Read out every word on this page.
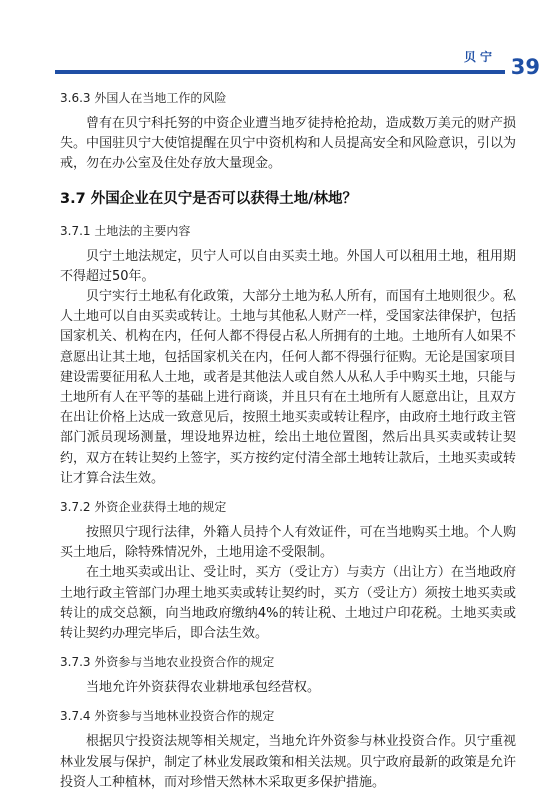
贝宁 39

3.6.3 外国人在当地工作的风险

曾有在贝宁科托努的中资企业遭当地歹徒持枪抢劫，造成数万美元的财产损失。中国驻贝宁大使馆提醒在贝宁中资机构和人员提高安全和风险意识，引以为戒，勿在办公室及住处存放大量现金。

3.7 外国企业在贝宁是否可以获得土地/林地？

3.7.1 土地法的主要内容

贝宁土地法规定，贝宁人可以自由买卖土地。外国人可以租用土地，租用期不得超过50年。

贝宁实行土地私有化政策，大部分土地为私人所有，而国有土地则很少。私人土地可以自由买卖或转让。土地与其他私人财产一样，受国家法律保护，包括国家机关、机构在内，任何人都不得侵占私人所拥有的土地。土地所有人如果不意愿出让其土地，包括国家机关在内，任何人都不得强行征购。无论是国家项目建设需要征用私人土地，或者是其他法人或自然人从私人手中购买土地，只能与土地所有人在平等的基础上进行商谈，并且只有在土地所有人愿意出让，且双方在出让价格上达成一致意见后，按照土地买卖或转让程序，由政府土地行政主管部门派员现场测量，埋设地界边桩，绘出土地位置图，然后出具买卖或转让契约，双方在转让契约上签字，买方按约定付清全部土地转让款后，土地买卖或转让才算合法生效。

3.7.2 外资企业获得土地的规定

按照贝宁现行法律，外籍人员持个人有效证件，可在当地购买土地。个人购买土地后，除特殊情况外，土地用途不受限制。

在土地买卖或出让、受让时，买方（受让方）与卖方（出让方）在当地政府土地行政主管部门办理土地买卖或转让契约时，买方（受让方）须按土地买卖或转让的成交总额，向当地政府缴纳4%的转让税、土地过户印花税。土地买卖或转让契约办理完毕后，即合法生效。

3.7.3 外资参与当地农业投资合作的规定

当地允许外资获得农业耕地承包经营权。

3.7.4 外资参与当地林业投资合作的规定

根据贝宁投资法规等相关规定，当地允许外资参与林业投资合作。贝宁重视林业发展与保护，制定了林业发展政策和相关法规。贝宁政府最新的政策是允许投资人工种植林，而对珍惜天然林木采取更多保护措施。
